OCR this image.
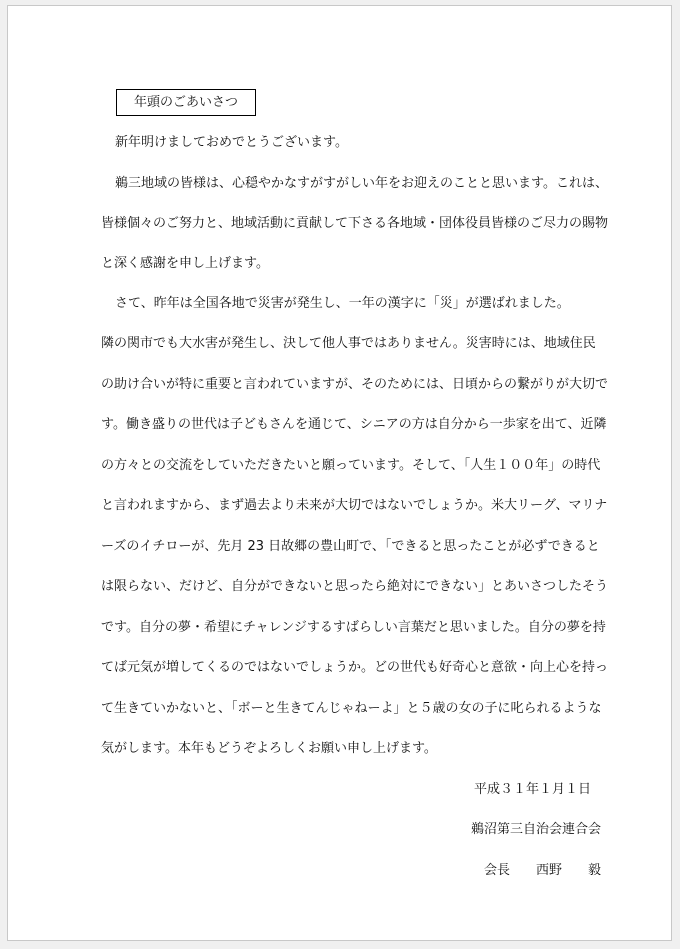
年頭のごあいさつ
新年明けましておめでとうございます。
鵜三地域の皆様は、心穏やかなすがすがしい年をお迎えのことと思います。これは、
皆様個々のご努力と、地域活動に貢献して下さる各地域・団体役員皆様のご尽力の賜物
と深く感謝を申し上げます。
さて、昨年は全国各地で災害が発生し、一年の漢字に「災」が選ばれました。
隣の関市でも大水害が発生し、決して他人事ではありません。災害時には、地域住民
の助け合いが特に重要と言われていますが、そのためには、日頃からの繋がりが大切で
す。働き盛りの世代は子どもさんを通じて、シニアの方は自分から一歩家を出て、近隣
の方々との交流をしていただきたいと願っています。そして、「人生１００年」の時代
と言われますから、まず過去より未来が大切ではないでしょうか。米大リーグ、マリナ
ーズのイチローが、先月 23 日故郷の豊山町で、「できると思ったことが必ずできると
は限らない、だけど、自分ができないと思ったら絶対にできない」とあいさつしたそう
です。自分の夢・希望にチャレンジするすばらしい言葉だと思いました。自分の夢を持
てば元気が増してくるのではないでしょうか。どの世代も好奇心と意欲・向上心を持っ
て生きていかないと、「ボーと生きてんじゃねーよ」と５歳の女の子に叱られるような
気がします。本年もどうぞよろしくお願い申し上げます。
平成３１年１月１日
鵜沼第三自治会連合会
会長　　西野　　毅
